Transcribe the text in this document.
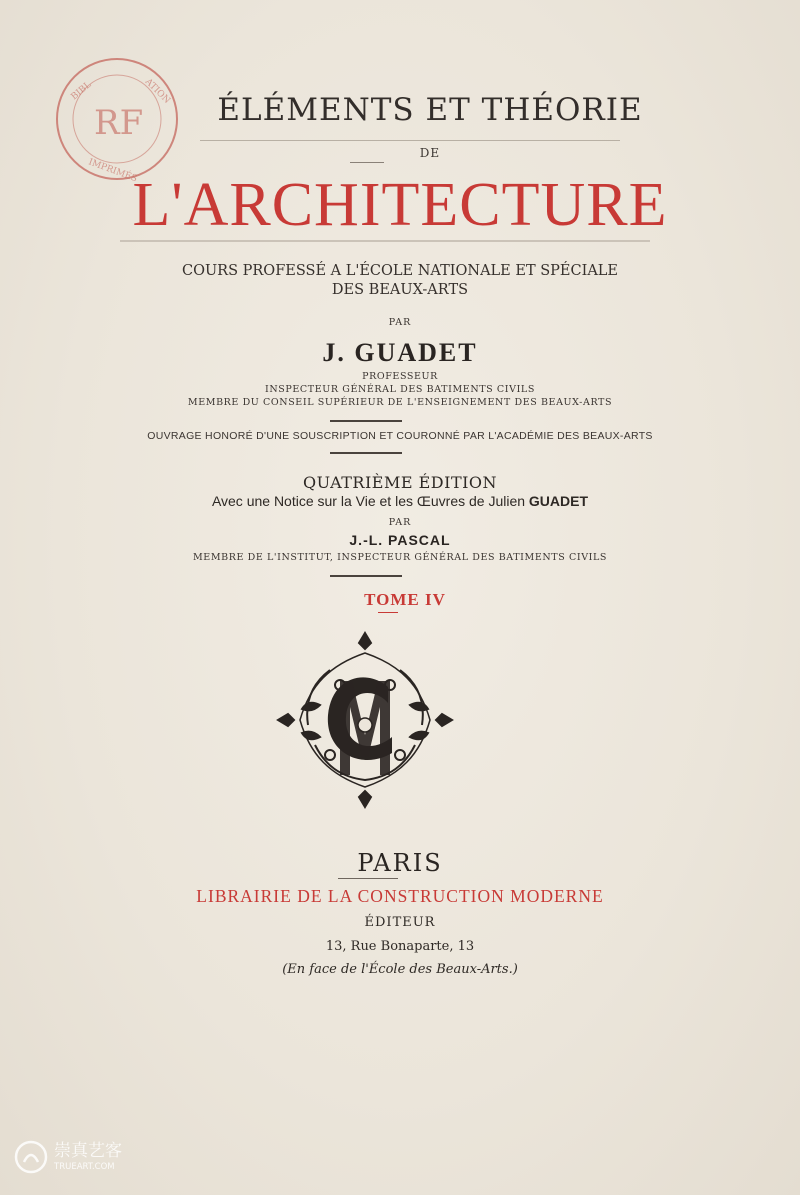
RF
BIBL	ATION
IMPRIMÉS
ÉLÉMENTS ET THÉORIE
DE
L'ARCHITECTURE
COURS PROFESSÉ A L'ÉCOLE NATIONALE ET SPÉCIALE
DES BEAUX-ARTS
PAR
J. GUADET
PROFESSEUR
INSPECTEUR GÉNÉRAL DES BATIMENTS CIVILS
MEMBRE DU CONSEIL SUPÉRIEUR DE L'ENSEIGNEMENT DES BEAUX-ARTS
OUVRAGE HONORÉ D'UNE SOUSCRIPTION ET COURONNÉ PAR L'ACADÉMIE DES BEAUX-ARTS
QUATRIÈME ÉDITION
Avec une Notice sur la Vie et les Œuvres de Julien GUADET
PAR
J.-L. PASCAL
MEMBRE DE L'INSTITUT, INSPECTEUR GÉNÉRAL DES BATIMENTS CIVILS
TOME IV
PARIS
LIBRAIRIE DE LA CONSTRUCTION MODERNE
ÉDITEUR
13, Rue Bonaparte, 13
(En face de l'École des Beaux-Arts.)
崇真艺客
TRUEART.COM
